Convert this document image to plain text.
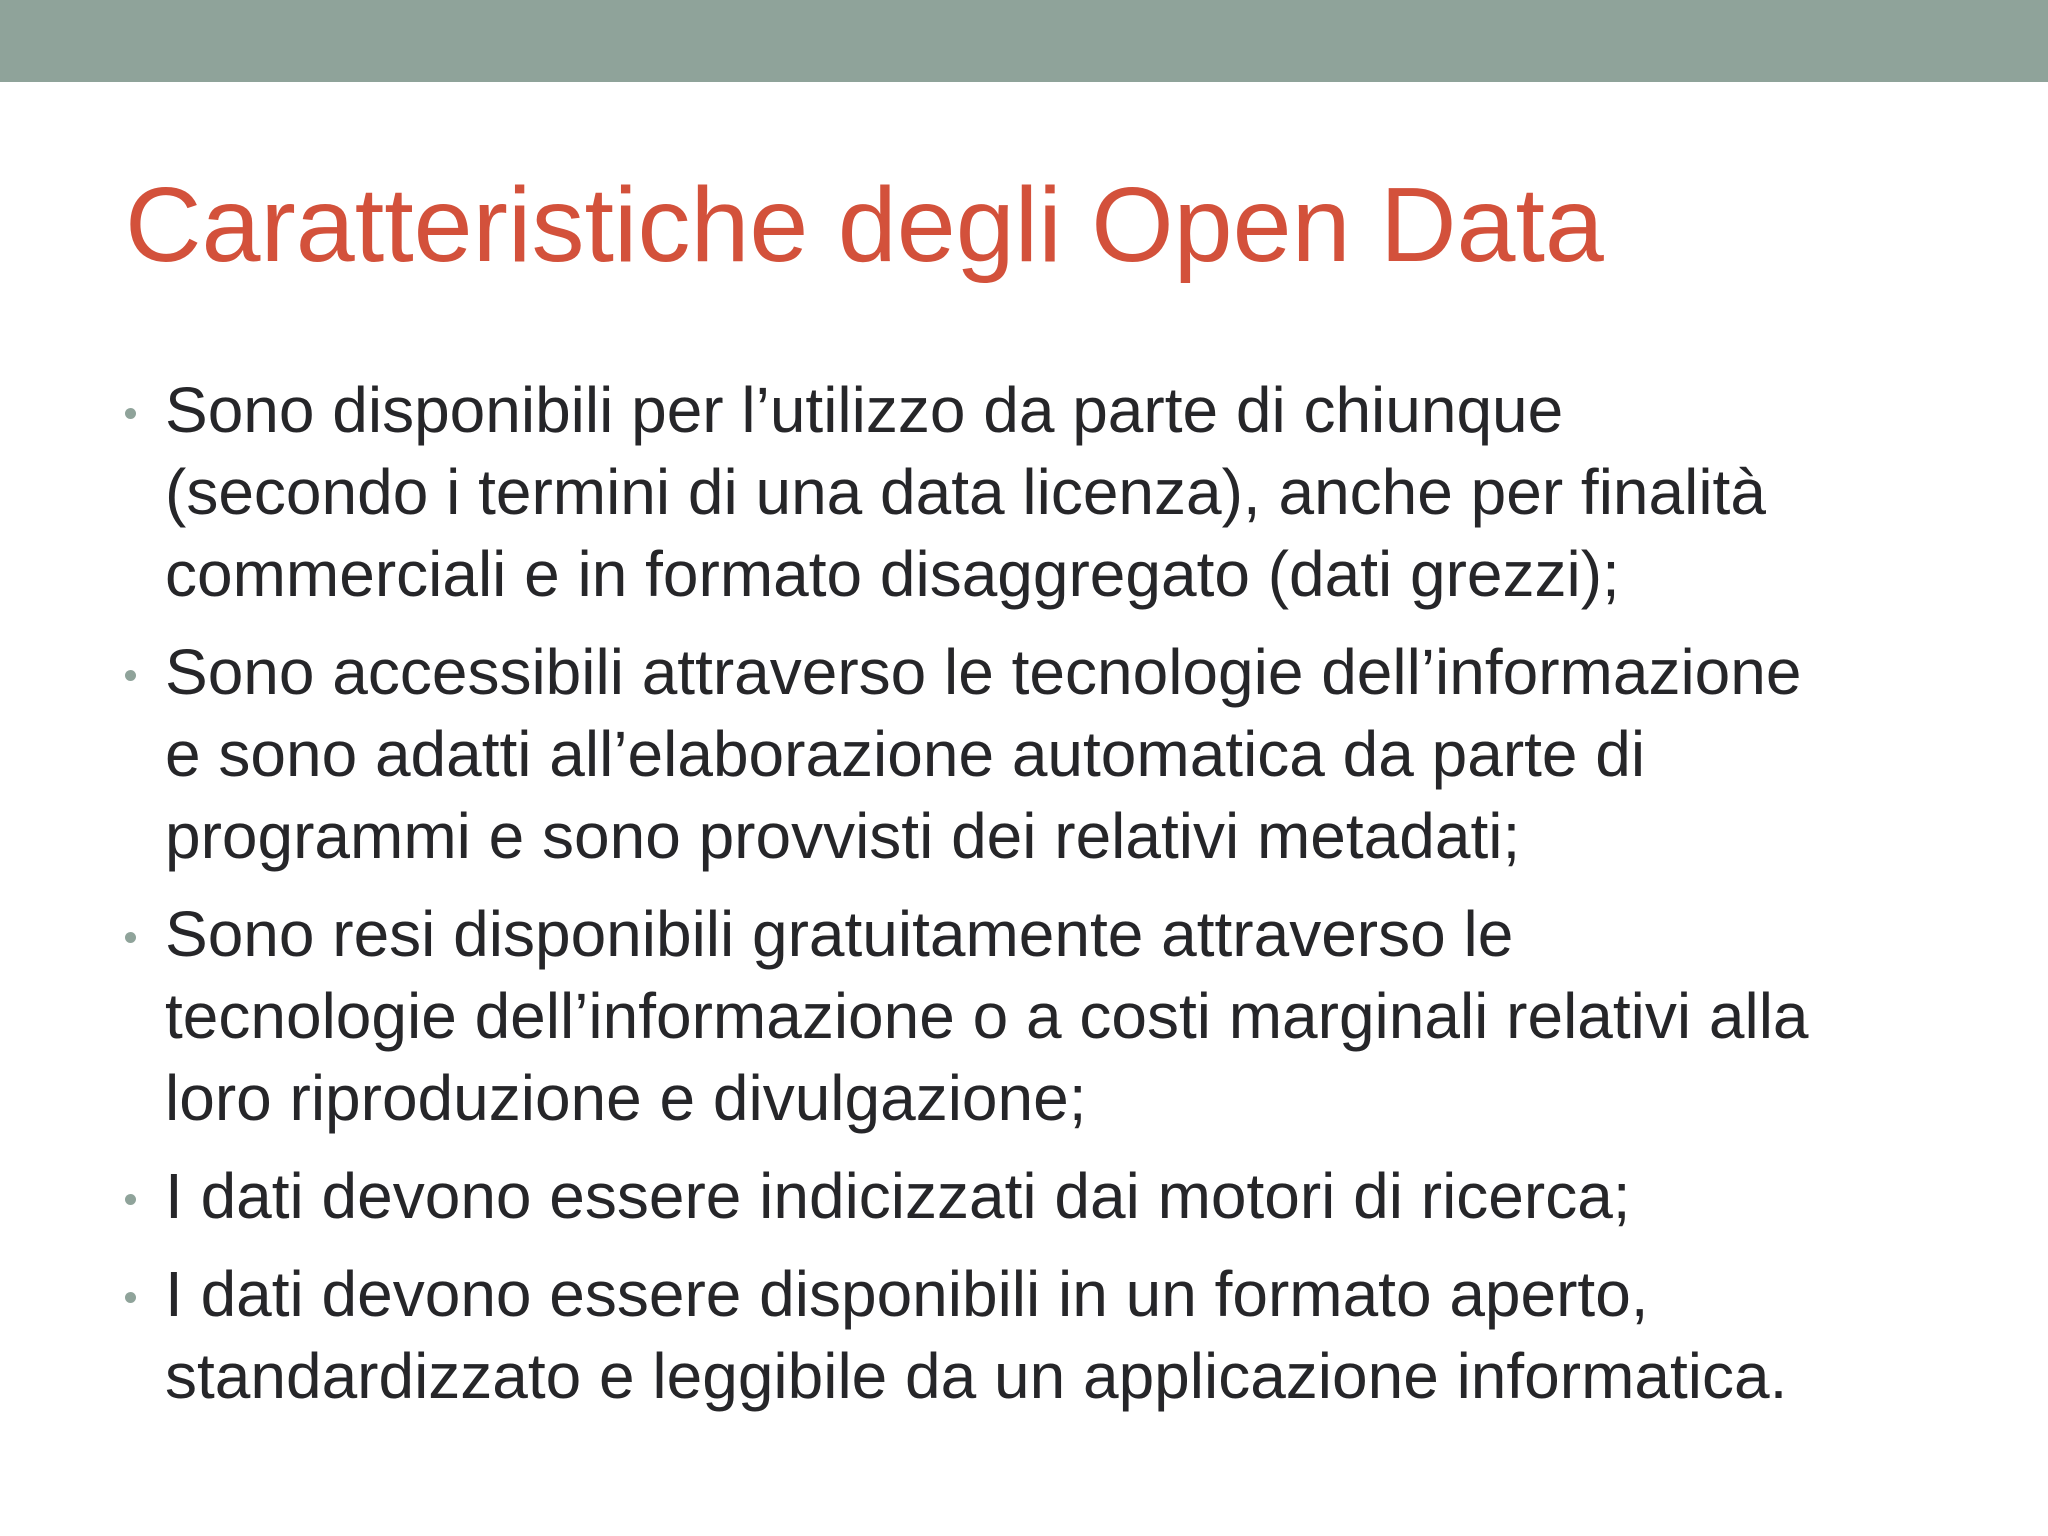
Caratteristiche degli Open Data
Sono disponibili per l’utilizzo da parte di chiunque
(secondo i termini di una data licenza), anche per finalità
commerciali e in formato disaggregato (dati grezzi);
Sono accessibili attraverso le tecnologie dell’informazione
e sono adatti all’elaborazione automatica da parte di
programmi e sono provvisti dei relativi metadati;
Sono resi disponibili gratuitamente attraverso le
tecnologie dell’informazione o a costi marginali relativi alla
loro riproduzione e divulgazione;
I dati devono essere indicizzati dai motori di ricerca;
I dati devono essere disponibili in un formato aperto,
standardizzato e leggibile da un applicazione informatica.
